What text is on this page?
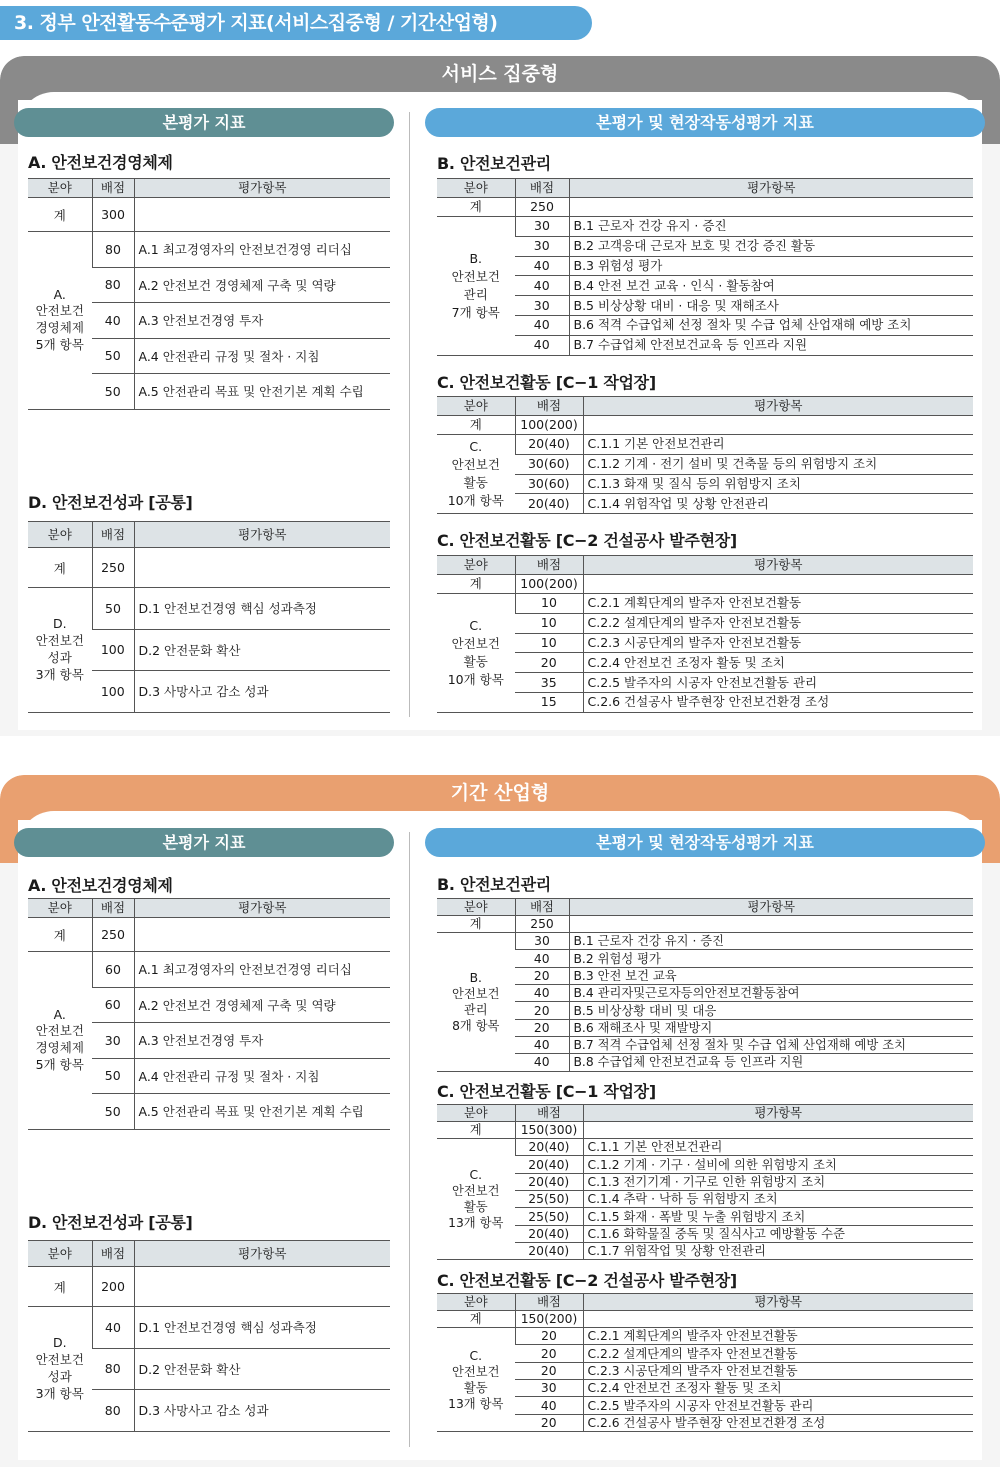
3. 정부 안전활동수준평가 지표(서비스집중형 / 기간산업형)
서비스 집중형
기간 산업형
본평가 지표	본평가 및 현장작동성평가 지표
A. 안전보건경영체제
분야	배점	평가항목
계	300	
A.
안전보건
경영체제
5개 항목	80	A.1 최고경영자의 안전보건경영 리더십
	80	A.2 안전보건 경영체제 구축 및 역량
	40	A.3 안전보건경영 투자
	50	A.4 안전관리 규정 및 절차 · 지침
	50	A.5 안전관리 목표 및 안전기본 계획 수립
D. 안전보건성과 [공통]
분야	배점	평가항목
계	250	
D.
안전보건
성과
3개 항목	50	D.1 안전보건경영 핵심 성과측정
	100	D.2 안전문화 확산
	100	D.3 사망사고 감소 성과
B. 안전보건관리
분야	배점	평가항목
계	250	
B.
안전보건
관리
7개 항목	30	B.1 근로자 건강 유지 · 증진
	30	B.2 고객응대 근로자 보호 및 건강 증진 활동
	40	B.3 위험성 평가
	40	B.4 안전 보건 교육 · 인식 · 활동참여
	30	B.5 비상상황 대비 · 대응 및 재해조사
	40	B.6 적격 수급업체 선정 절차 및 수급 업체 산업재해 예방 조치
	40	B.7 수급업체 안전보건교육 등 인프라 지원
C. 안전보건활동 [C−1 작업장]
분야	배점	평가항목
계	100(200)	
C.
안전보건
활동
10개 항목	20(40)	C.1.1 기본 안전보건관리
	30(60)	C.1.2 기계 · 전기 설비 및 건축물 등의 위험방지 조치
	30(60)	C.1.3 화재 및 질식 등의 위험방지 조치
	20(40)	C.1.4 위험작업 및 상황 안전관리
C. 안전보건활동 [C−2 건설공사 발주현장]
분야	배점	평가항목
계	100(200)	
C.
안전보건
활동
10개 항목	10	C.2.1 계획단계의 발주자 안전보건활동
	10	C.2.2 설계단계의 발주자 안전보건활동
	10	C.2.3 시공단계의 발주자 안전보건활동
	20	C.2.4 안전보건 조정자 활동 및 조치
	35	C.2.5 발주자의 시공자 안전보건활동 관리
	15	C.2.6 건설공사 발주현장 안전보건환경 조성
본평가 지표	본평가 및 현장작동성평가 지표
A. 안전보건경영체제
분야	배점	평가항목
계	250	
A.
안전보건
경영체제
5개 항목	60	A.1 최고경영자의 안전보건경영 리더십
	60	A.2 안전보건 경영체제 구축 및 역량
	30	A.3 안전보건경영 투자
	50	A.4 안전관리 규정 및 절차 · 지침
	50	A.5 안전관리 목표 및 안전기본 계획 수립
D. 안전보건성과 [공통]
분야	배점	평가항목
계	200	
D.
안전보건
성과
3개 항목	40	D.1 안전보건경영 핵심 성과측정
	80	D.2 안전문화 확산
	80	D.3 사망사고 감소 성과
B. 안전보건관리
분야	배점	평가항목
계	250	
B.
안전보건
관리
8개 항목	30	B.1 근로자 건강 유지 · 증진
	40	B.2 위험성 평가
	20	B.3 안전 보건 교육
	40	B.4 관리자및근로자등의안전보건활동참여
	20	B.5 비상상황 대비 및 대응
	20	B.6 재해조사 및 재발방지
	40	B.7 적격 수급업체 선정 절차 및 수급 업체 산업재해 예방 조치
	40	B.8 수급업체 안전보건교육 등 인프라 지원
C. 안전보건활동 [C−1 작업장]
분야	배점	평가항목
계	150(300)	
C.
안전보건
활동
13개 항목	20(40)	C.1.1 기본 안전보건관리
	20(40)	C.1.2 기계 · 기구 · 설비에 의한 위험방지 조치
	20(40)	C.1.3 전기기계 · 기구로 인한 위험방지 조치
	25(50)	C.1.4 추락 · 낙하 등 위험방지 조치
	25(50)	C.1.5 화재 · 폭발 및 누출 위험방지 조치
	20(40)	C.1.6 화학물질 중독 및 질식사고 예방활동 수준
	20(40)	C.1.7 위험작업 및 상황 안전관리
C. 안전보건활동 [C−2 건설공사 발주현장]
분야	배점	평가항목
계	150(200)	
C.
안전보건
활동
13개 항목	20	C.2.1 계획단계의 발주자 안전보건활동
	20	C.2.2 설계단계의 발주자 안전보건활동
	20	C.2.3 시공단계의 발주자 안전보건활동
	30	C.2.4 안전보건 조정자 활동 및 조치
	40	C.2.5 발주자의 시공자 안전보건활동 관리
	20	C.2.6 건설공사 발주현장 안전보건환경 조성
